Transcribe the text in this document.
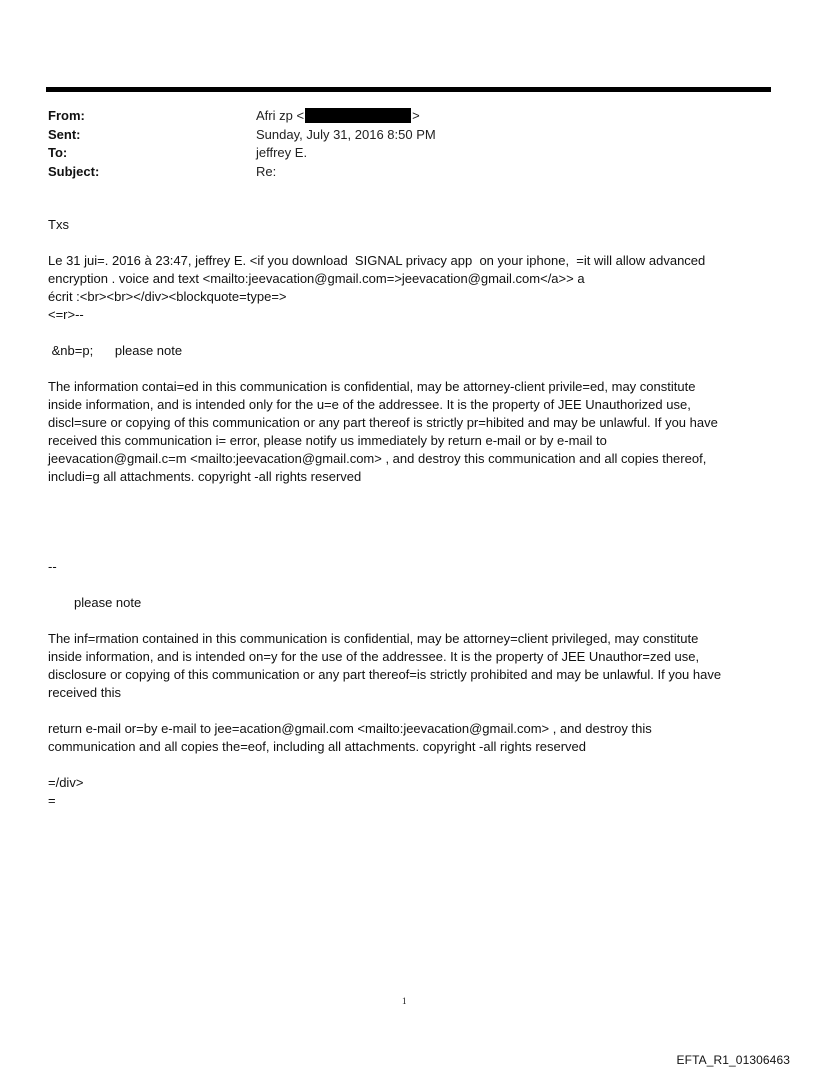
From:	Afri zp <	>
Sent:	Sunday, July 31, 2016 8:50 PM
To:	jeffrey E.
Subject:	Re:

Txs

Le 31 jui=. 2016 à 23:47, jeffrey E. <if you download  SIGNAL privacy app  on your iphone,  =it will allow advanced

encryption . voice and text <mailto:jeevacation@gmail.com=>jeevacation@gmail.com</a>> a

écrit :<br><br></div><blockquote=type=>

<=r>--

&nb=p;      please note

The information contai=ed in this communication is confidential, may be attorney-client privile=ed, may constitute

inside information, and is intended only for the u=e of the addressee. It is the property of JEE Unauthorized use,

discl=sure or copying of this communication or any part thereof is strictly pr=hibited and may be unlawful. If you have

received this communication i= error, please notify us immediately by return e-mail or by e-mail to

jeevacation@gmail.c=m <mailto:jeevacation@gmail.com> , and destroy this communication and all copies thereof,

includi=g all attachments. copyright -all rights reserved

--

please note

The inf=rmation contained in this communication is confidential, may be attorney=client privileged, may constitute

inside information, and is intended on=y for the use of the addressee. It is the property of JEE Unauthor=zed use,

disclosure or copying of this communication or any part thereof=is strictly prohibited and may be unlawful. If you have

received this

return e-mail or=by e-mail to jee=acation@gmail.com <mailto:jeevacation@gmail.com> , and destroy this

communication and all copies the=eof, including all attachments. copyright -all rights reserved

=/div>

=

1
EFTA_R1_01306463
